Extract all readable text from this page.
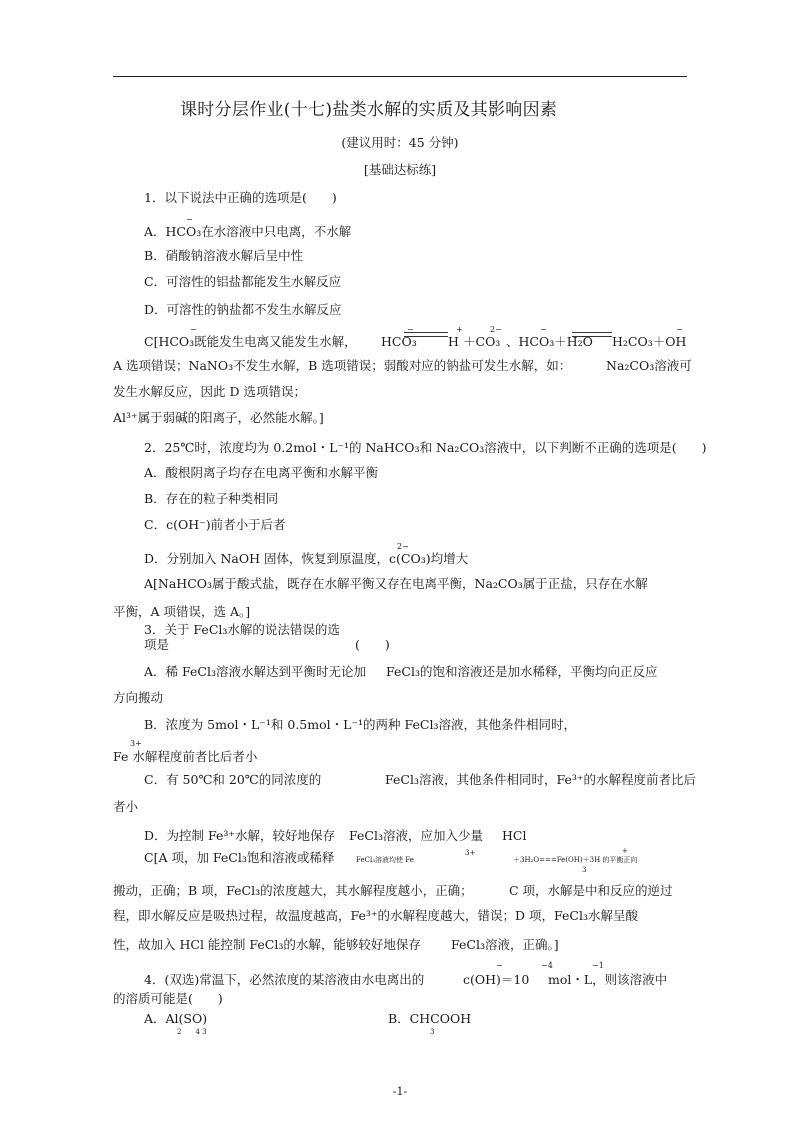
课时分层作业(十七)盐类水解的实质及其影响因素
(建议用时：45 分钟)
[基础达标练]
1．以下说法中正确的选项是(　　)
−
A．HCO₃在水溶液中只电离，不水解
B．硝酸钠溶液水解后呈中性
C．可溶性的铝盐都能发生水解反应
D．可溶性的钠盐都不发生水解反应
−
C[HCO₃既能发生电离又能发生水解， HCO₃
−
H
+
＋CO₃
2−
、HCO₃＋H₂O
−
H₂CO₃＋OH
−
A 选项错误；NaNO₃不发生水解，B 选项错误；弱酸对应的钠盐可发生水解，如：	Na₂CO₃溶液可
发生水解反应，因此 D 选项错误；
Al³⁺属于弱碱的阳离子，必然能水解。]
2．25℃时，浓度均为 0.2mol・L⁻¹的 NaHCO₃和 Na₂CO₃溶液中，以下判断不正确的选项是(　　)
A．酸根阴离子均存在电离平衡和水解平衡
B．存在的粒子种类相同
C．c(OH⁻)前者小于后者
2−
D．分别加入 NaOH 固体，恢复到原温度，c(CO₃)均增大
A[NaHCO₃属于酸式盐，既存在水解平衡又存在电离平衡，Na₂CO₃属于正盐，只存在水解
平衡，A 项错误，选 A。]
3．关于 FeCl₃水解的说法错误的选
项是	(　　)
A．稀 FeCl₃溶液水解达到平衡时无论加 FeCl₃的饱和溶液还是加水稀释，平衡均向正反应
方向搬动
B．浓度为 5mol・L⁻¹和 0.5mol・L⁻¹的两种 FeCl₃溶液，其他条件相同时，
3+
Fe 水解程度前者比后者小
C．有 50℃和 20℃的同浓度的	FeCl₃溶液，其他条件相同时，Fe³⁺的水解程度前者比后
者小
D．为控制 Fe³⁺水解，较好地保存 FeCl₃溶液，应加入少量 HCl
C[A 项，加 FeCl₃饱和溶液或稀释	FeCl₃溶液均使 Fe
3+	+
＋3H₂O===Fe(OH)＋3H 的平衡正向
3
搬动，正确；B 项，FeCl₃的浓度越大，其水解程度越小，正确；	C 项，水解是中和反应的逆过
程，即水解反应是吸热过程，故温度越高，Fe³⁺的水解程度越大，错误；D 项，FeCl₃水解呈酸
性，故加入 HCl 能控制 FeCl₃的水解，能够较好地保存 FeCl₃溶液，正确。]
−	−4	−1
4．(双选)常温下，必然浓度的某溶液由水电离出的	c(OH)＝10 mol・L，则该溶液中
的溶质可能是(　　)
A．Al(SO)
2　　4 3
B．CHCOOH
3
-1-
